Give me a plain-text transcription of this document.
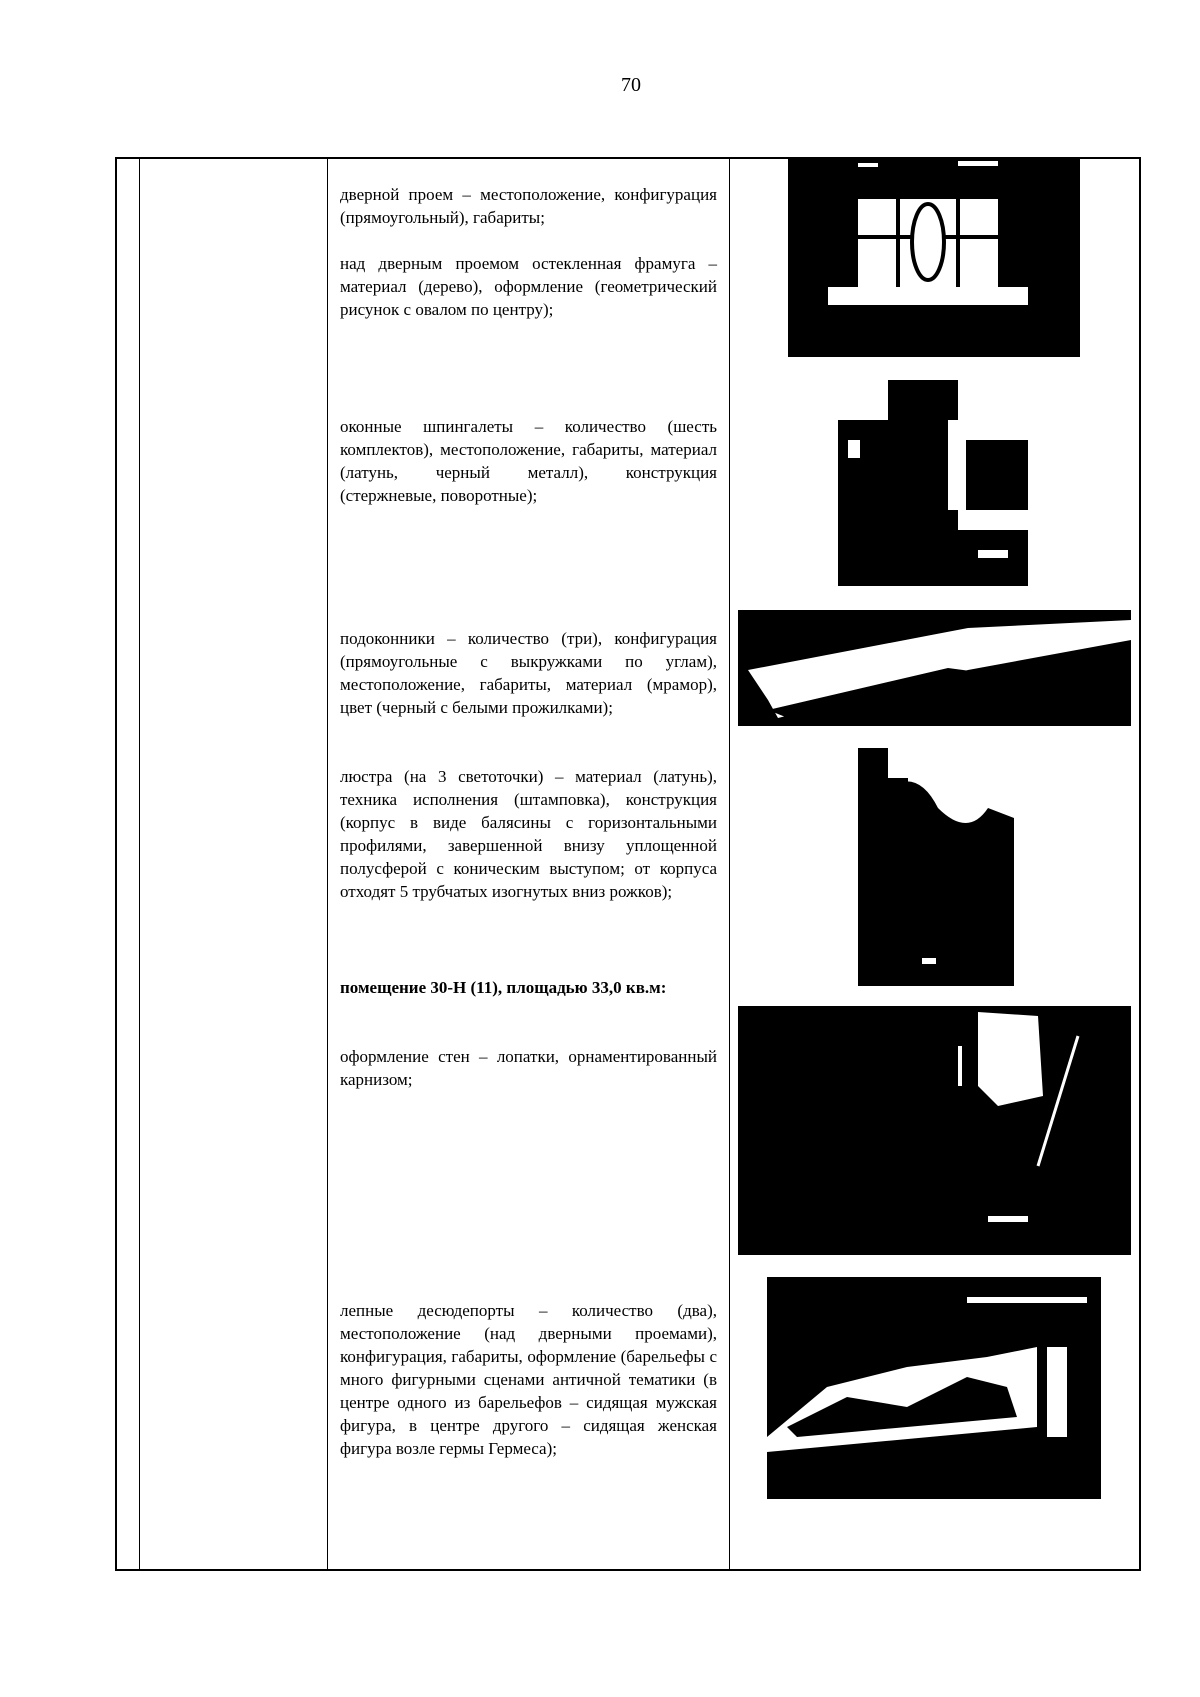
70

дверной проем – местоположение, конфигурация (прямоугольный), габариты;

над дверным проемом остекленная фрамуга – материал (дерево), оформление (геометрический рисунок с овалом по центру);

оконные шпингалеты – количество (шесть комплектов), местоположение, габариты, материал (латунь, черный металл), конструкция (стержневые, поворотные);

подоконники – количество (три), конфигурация (прямоугольные с выкружками по углам), местоположение, габариты, материал (мрамор), цвет (черный с белыми прожилками);

люстра (на 3 светоточки) – материал (латунь), техника исполнения (штамповка), конструкция (корпус в виде балясины с горизонтальными профилями, завершенной внизу уплощенной полусферой с коническим выступом; от корпуса отходят 5 трубчатых изогнутых вниз рожков);

помещение 30-Н (11), площадью 33,0 кв.м:

оформление стен – лопатки, орнаментированный карнизом;

лепные десюдепорты – количество (два), местоположение (над дверными проемами), конфигурация, габариты, оформление (барельефы с много фигурными сценами античной тематики (в центре одного из барельефов – сидящая мужская фигура, в центре другого – сидящая женская фигура возле гермы Гермеса);
